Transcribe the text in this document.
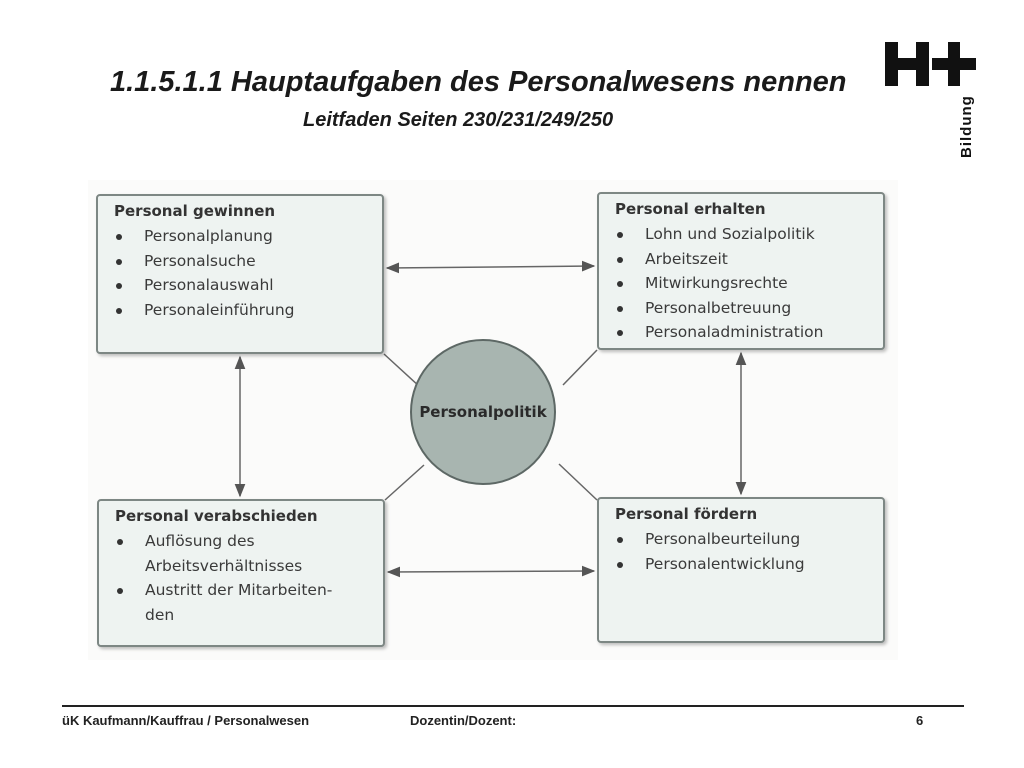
1.1.5.1.1 Hauptaufgaben des Personalwesens nennen
Leitfaden Seiten 230/231/249/250	Bildung
Personal gewinnen
Personalplanung
Personalsuche
Personalauswahl
Personaleinführung
Personal erhalten
Lohn und Sozialpolitik
Arbeitszeit
Mitwirkungsrechte
Personalbetreuung
Personaladministration
Personal verabschieden
Auflösung des
Arbeitsverhältnisses
Austritt der Mitarbeiten-
den
Personal fördern
Personalbeurteilung
Personalentwicklung
Personalpolitik
üK Kaufmann/Kauffrau / Personalwesen	Dozentin/Dozent:	6
